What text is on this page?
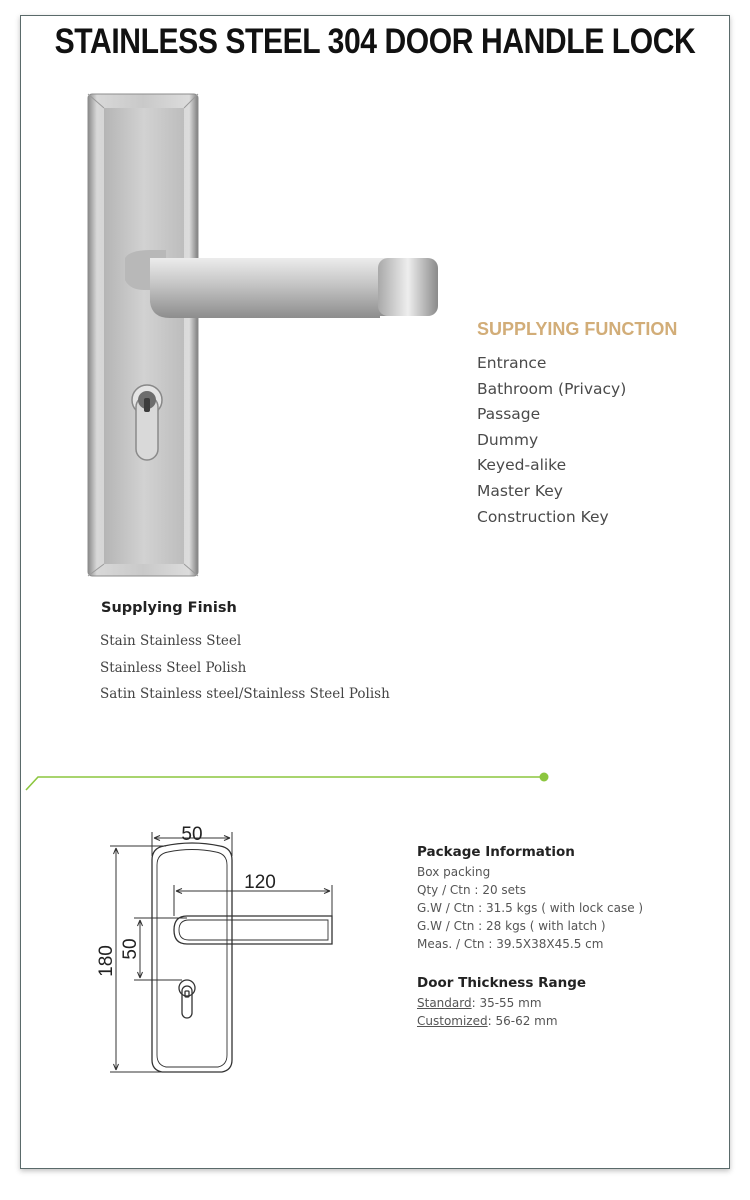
STAINLESS STEEL 304 DOOR HANDLE LOCK
SUPPLYING FUNCTION
Entrance
Bathroom (Privacy)
Passage
Dummy
Keyed-alike
Master Key
Construction Key
Supplying Finish
Stain Stainless Steel
Stainless Steel Polish
Satin Stainless steel/Stainless Steel Polish
50
120
180 50
Package Information
Box packing
Qty / Ctn : 20 sets
G.W / Ctn : 31.5 kgs ( with lock case )
G.W / Ctn : 28 kgs ( with latch )
Meas. / Ctn : 39.5X38X45.5 cm
Door Thickness Range
Standard: 35-55 mm
Customized: 56-62 mm
